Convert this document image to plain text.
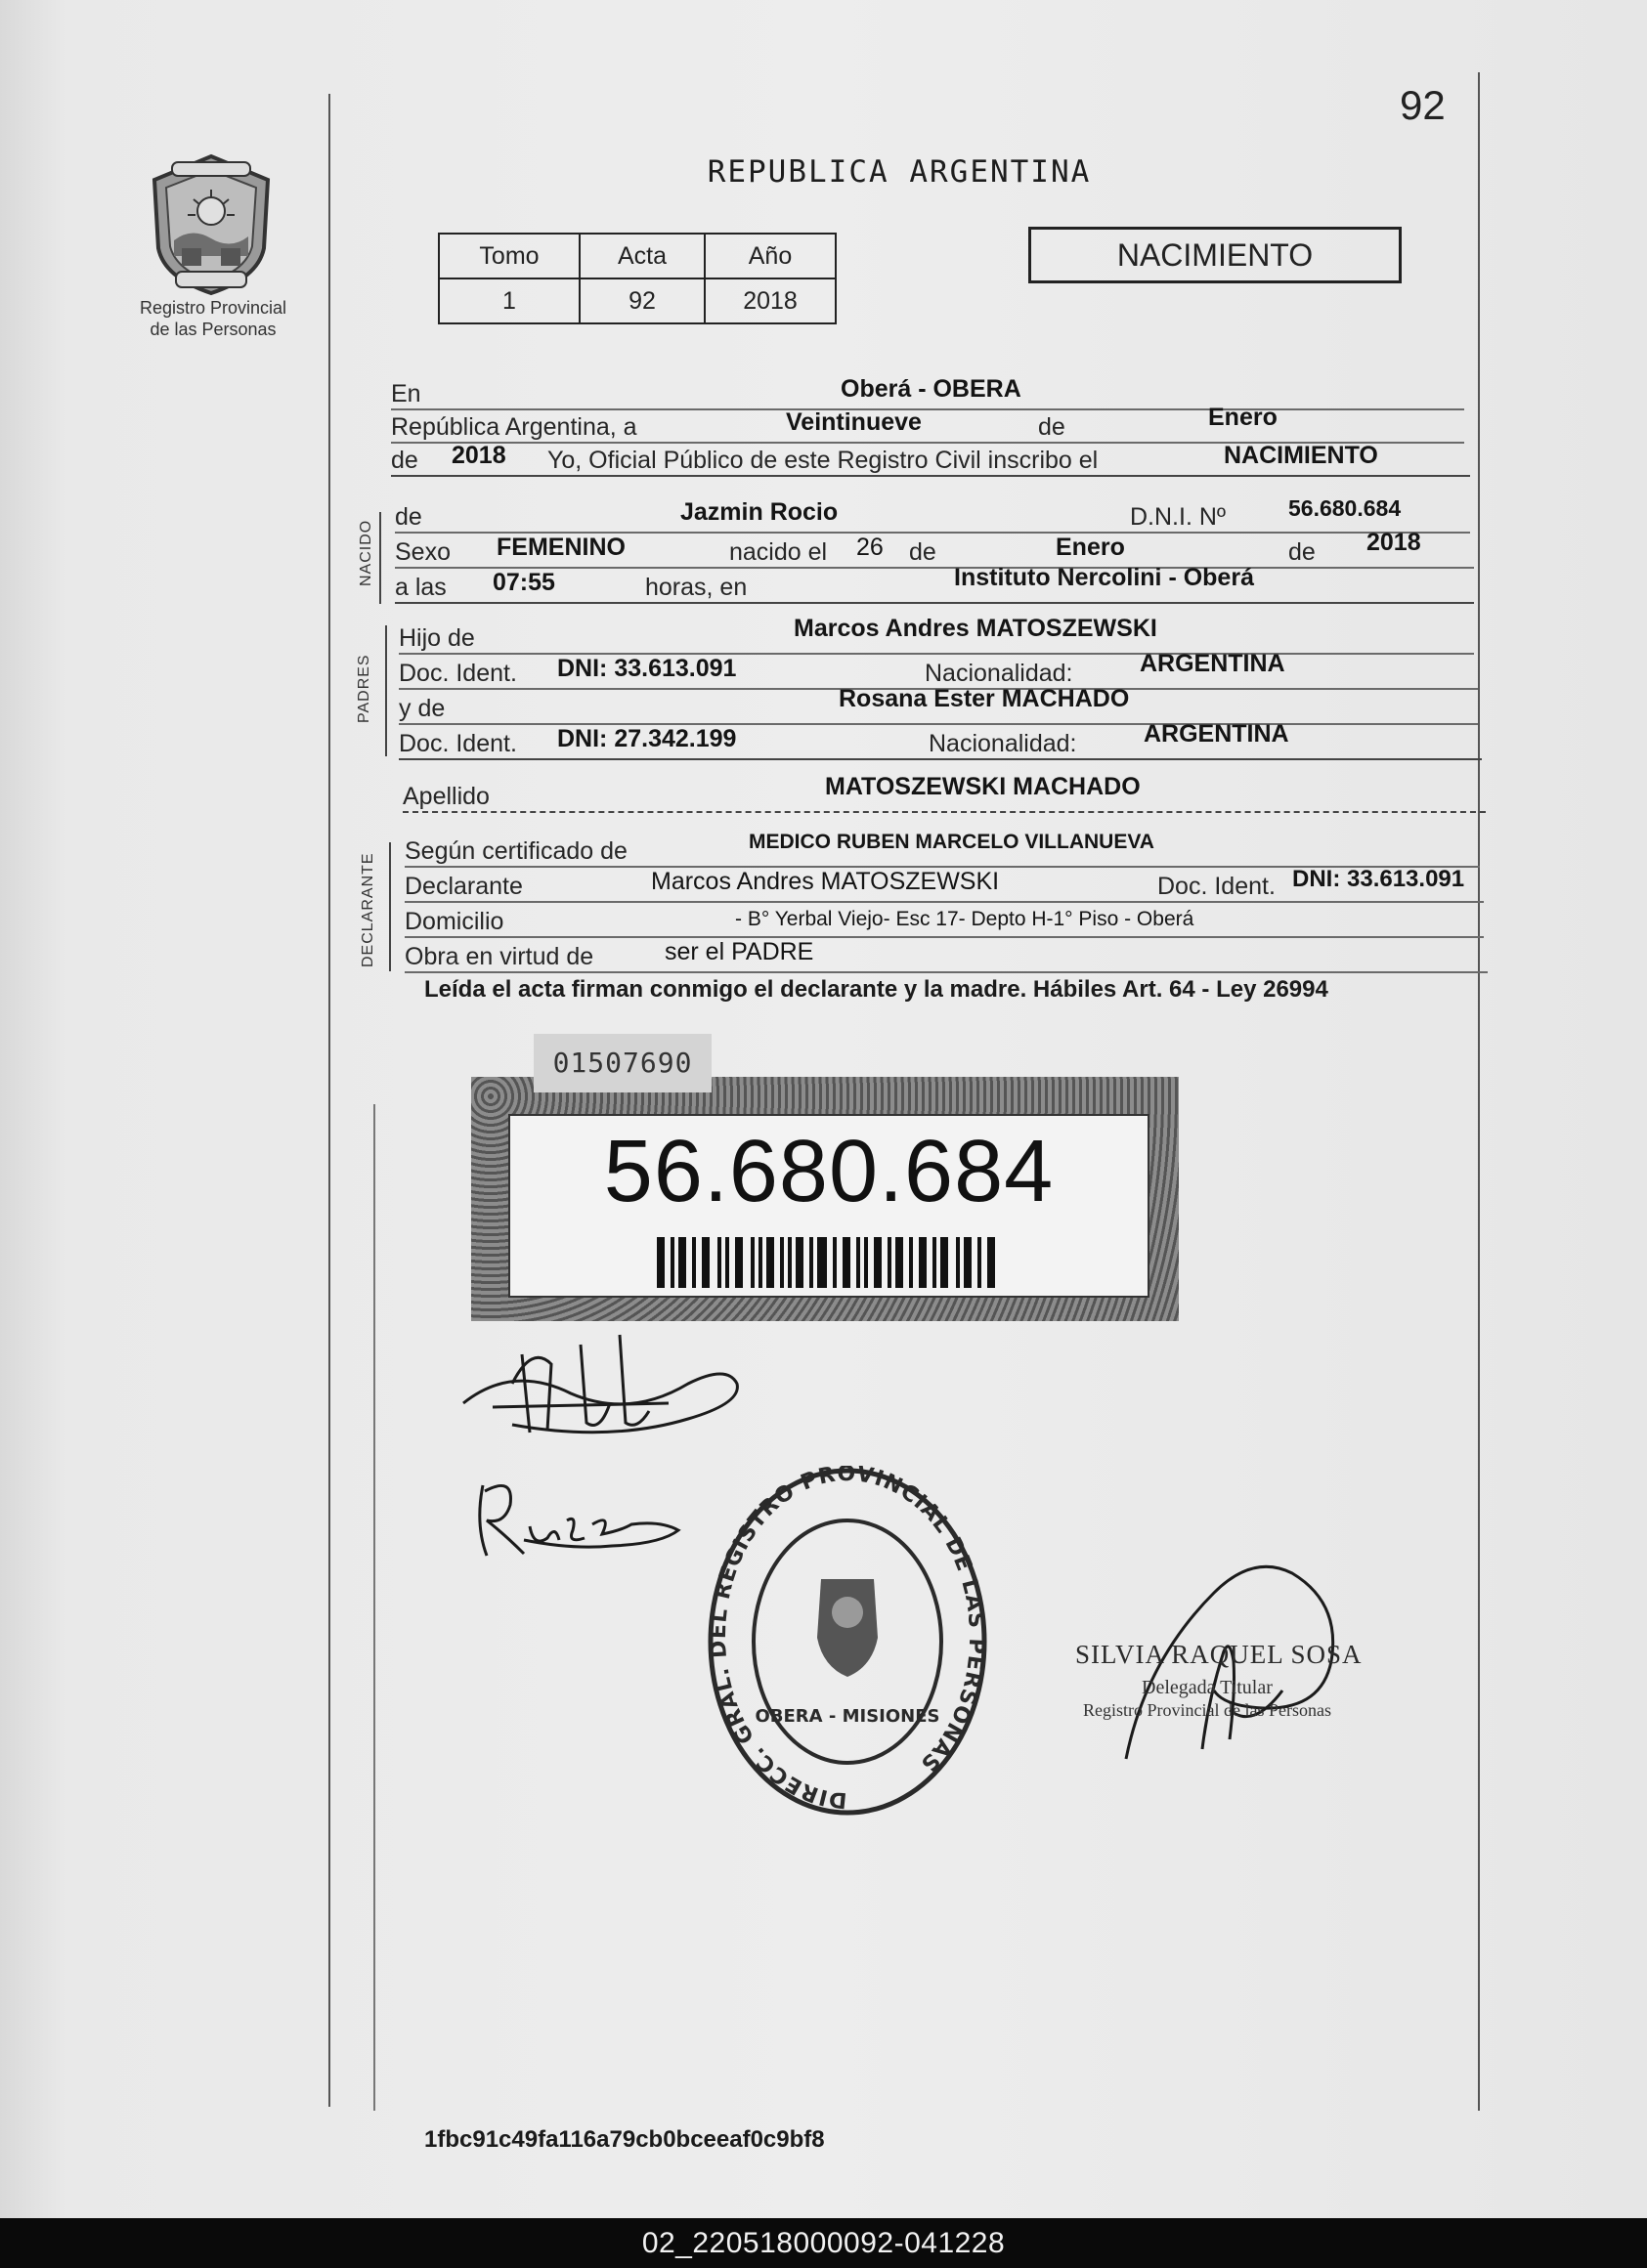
92
Registro Provincial
de las Personas
REPUBLICA ARGENTINA
Tomo	Acta	Año
1	92	2018
NACIMIENTO
En	Oberá - OBERA
República Argentina, a	Veintinueve	de	Enero
de 2018 Yo, Oficial Público de este Registro Civil inscribo el	NACIMIENTO
NACIDO
de	Jazmin Rocio	D.N.I. Nº	56.680.684
Sexo FEMENINO	nacido el 26 de	Enero	de 2018
a las 07:55	horas, en	Instituto Nercolini - Oberá
PADRES
Hijo de	Marcos Andres MATOSZEWSKI
Doc. Ident. DNI: 33.613.091	Nacionalidad:	ARGENTINA
y de	Rosana Ester MACHADO
Doc. Ident. DNI: 27.342.199	Nacionalidad:	ARGENTINA
Apellido	MATOSZEWSKI MACHADO
DECLARANTE
Según certificado de	MEDICO RUBEN MARCELO VILLANUEVA
Declarante	Marcos Andres MATOSZEWSKI	Doc. Ident. DNI: 33.613.091
Domicilio	- B° Yerbal Viejo- Esc 17- Depto H-1° Piso - Oberá
Obra en virtud de	ser el PADRE
Leída el acta firman conmigo el declarante y la madre. Hábiles Art. 64 - Ley 26994
56.680.684
01507690
DIRECC. GRAL. DEL REGISTRO PROVINCIAL DE LAS PERSONAS
OBERA - MISIONES
SILVIA RAQUEL SOSA
Delegada Titular
Registro Provincial de las Personas
1fbc91c49fa116a79cb0bceeaf0c9bf8
02_220518000092-041228
